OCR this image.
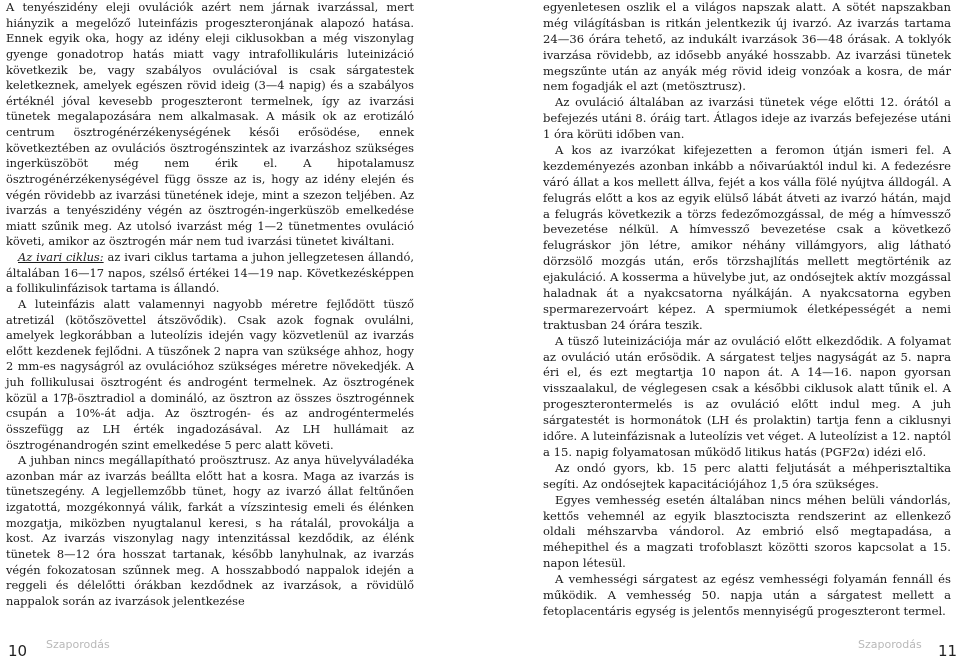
A tenyészidény eleji ovulációk azért nem járnak ivarzással, mert hiányzik a megelőző luteinfázis progeszteronjának alapozó hatása. Ennek egyik oka, hogy az idény eleji ciklusokban a még viszonylag gyenge gonadotrop hatás miatt vagy intrafollikuláris luteinizáció következik be, vagy szabályos ovulációval is csak sárgatestek keletkeznek, amelyek egészen rövid ideig (3—4 napig) és a szabályos értéknél jóval kevesebb progeszteront termelnek, így az ivarzási tünetek megalapozására nem alkalmasak. A másik ok az erotizáló centrum ösztrogénérzékenységének késői erősödése, ennek következtében az ovulációs ösztrogénszintek az ivarzáshoz szükséges ingerküszöböt még nem érik el. A hipotalamusz ösztrogénérzékenységével függ össze az is, hogy az idény elején és végén rövidebb az ivarzási tünetének ideje, mint a szezon teljében. Az ivarzás a tenyészidény végén az ösztrogén-ingerküszöb emelkedése miatt szűnik meg. Az utolsó ivarzást még 1—2 tünetmentes ovuláció követi, amikor az ösztrogén már nem tud ivarzási tünetet kiváltani.

Az ivari ciklus: az ivari ciklus tartama a juhon jellegzetesen állandó, általában 16—17 napos, szélső értékei 14—19 nap. Következésképpen a follikulinfázisok tartama is állandó.

A luteinfázis alatt valamennyi nagyobb méretre fejlődött tüsző atretizál (kötőszövettel átszövődik). Csak azok fognak ovulálni, amelyek legkorábban a luteolízis idején vagy közvetlenül az ivarzás előtt kezdenek fejlődni. A tüszőnek 2 napra van szüksége ahhoz, hogy 2 mm-es nagyságról az ovulációhoz szükséges méretre növekedjék. A juh follikulusai ösztrogént és androgént termelnek. Az ösztrogének közül a 17β-ösztradiol a domináló, az ösztron az összes ösztrogénnek csupán a 10%-át adja. Az ösztrogén- és az androgéntermelés összefügg az LH érték ingadozásával. Az LH hullámait az ösztrogénandrogén szint emelkedése 5 perc alatt követi.

A juhban nincs megállapítható proösztrusz. Az anya hüvelyváladéka azonban már az ivarzás beállta előtt hat a kosra. Maga az ivarzás is tünetszegény. A legjellemzőbb tünet, hogy az ivarzó állat feltűnően izgatottá, mozgékonnyá válik, farkát a vízszintesig emeli és élénken mozgatja, miközben nyugtalanul keresi, s ha rátalál, provokálja a kost. Az ivarzás viszonylag nagy intenzitással kezdődik, az élénk tünetek 8—12 óra hosszat tartanak, később lanyhulnak, az ivarzás végén fokozatosan szűnnek meg. A hosszabbodó nappalok idején a reggeli és délelőtti órákban kezdődnek az ivarzások, a rövidülő nappalok során az ivarzások jelentkezése

egyenletesen oszlik el a világos napszak alatt. A sötét napszakban még világításban is ritkán jelentkezik új ivarzó. Az ivarzás tartama 24—36 órára tehető, az indukált ivarzások 36—48 órásak. A toklyók ivarzása rövidebb, az idősebb anyáké hosszabb. Az ivarzási tünetek megszűnte után az anyák még rövid ideig vonzóak a kosra, de már nem fogadják el azt (metösztrusz).

Az ovuláció általában az ivarzási tünetek vége előtti 12. órától a befejezés utáni 8. óráig tart. Átlagos ideje az ivarzás befejezése utáni 1 óra körüti időben van.

A kos az ivarzókat kifejezetten a feromon útján ismeri fel. A kezdeményezés azonban inkább a nőivarúaktól indul ki. A fedezésre váró állat a kos mellett állva, fejét a kos válla fölé nyújtva álldogál. A felugrás előtt a kos az egyik elülső lábát átveti az ivarzó hátán, majd a felugrás következik a törzs fedezőmozgással, de még a hímvessző bevezetése nélkül. A hímvessző bevezetése csak a következő felugráskor jön létre, amikor néhány villámgyors, alig látható dörzsölő mozgás után, erős törzshajlítás mellett megtörténik az ejakuláció. A kosserma a hüvelybe jut, az ondósejtek aktív mozgással haladnak át a nyakcsatorna nyálkáján. A nyakcsatorna egyben spermarezervoárt képez. A spermiumok életképességét a nemi traktusban 24 órára teszik.

A tüsző luteinizációja már az ovuláció előtt elkezdődik. A folyamat az ovuláció után erősödik. A sárgatest teljes nagyságát az 5. napra éri el, és ezt megtartja 10 napon át. A 14—16. napon gyorsan visszaalakul, de véglegesen csak a későbbi ciklusok alatt tűnik el. A progeszterontermelés is az ovuláció előtt indul meg. A juh sárgatestét is hormonátok (LH és prolaktin) tartja fenn a ciklusnyi időre. A luteinfázisnak a luteolízis vet véget. A luteolízist a 12. naptól a 15. napig folyamatosan működő litikus hatás (PGF2α) idézi elő.

Az ondó gyors, kb. 15 perc alatti feljutását a méhperisztaltika segíti. Az ondósejtek kapacitációjához 1,5 óra szükséges.

Egyes vemhesség esetén általában nincs méhen belüli vándorlás, kettős vehemnél az egyik blasztociszta rendszerint az ellenkező oldali méhszarvba vándorol. Az embrió első megtapadása, a méhepithel és a magzati trofoblaszt közötti szoros kapcsolat a 15. napon létesül.

A vemhességi sárgatest az egész vemhességi folyamán fennáll és működik. A vemhesség 50. napja után a sárgatest mellett a fetoplacentáris egység is jelentős mennyiségű progeszteront termel.

10 Szaporodás	Szaporodás 11
